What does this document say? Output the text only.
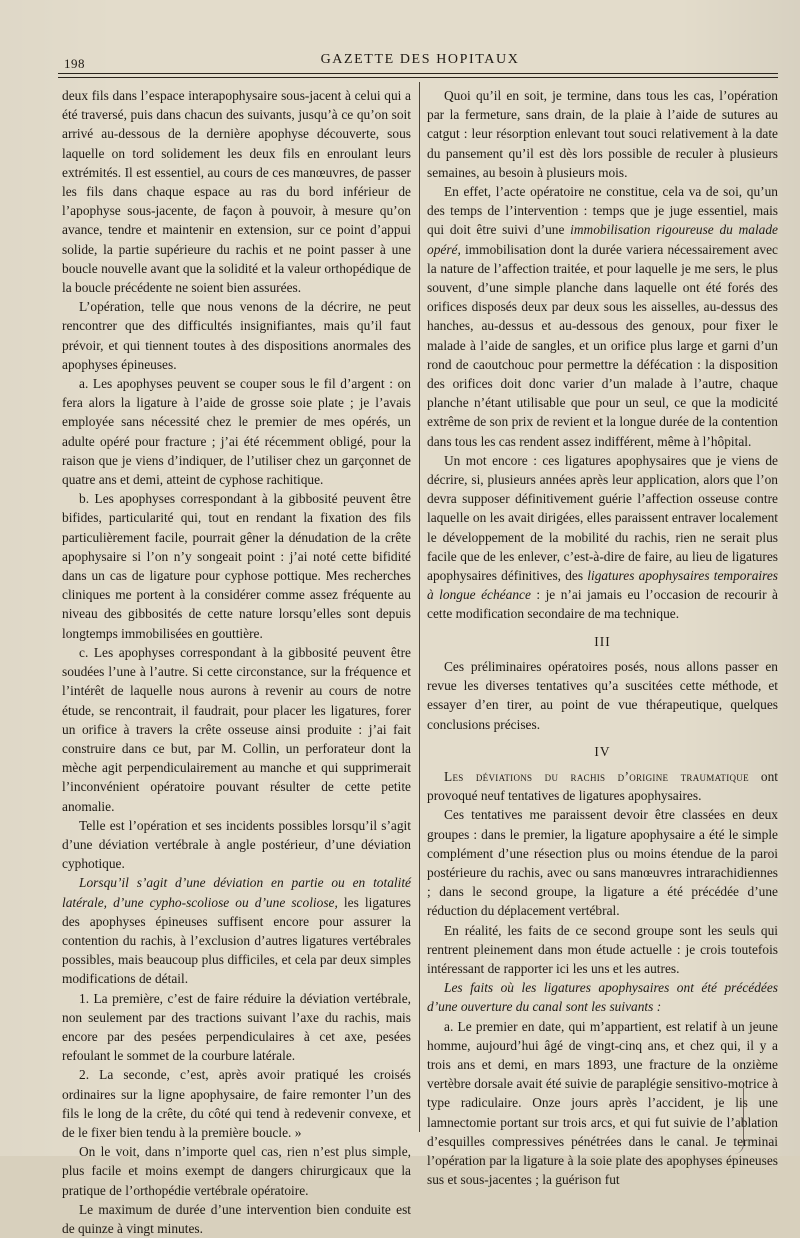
198	GAZETTE DES HOPITAUX

deux fils dans l’espace interapophysaire sous-jacent à celui qui a été traversé, puis dans chacun des suivants, jusqu’à ce qu’on soit arrivé au-dessous de la dernière apophyse découverte, sous laquelle on tord solidement les deux fils en enroulant leurs extrémités. Il est essentiel, au cours de ces manœuvres, de passer les fils dans chaque espace au ras du bord inférieur de l’apophyse sous-jacente, de façon à pouvoir, à mesure qu’on avance, tendre et maintenir en extension, sur ce point d’appui solide, la partie supérieure du rachis et ne point passer à une boucle nouvelle avant que la solidité et la valeur orthopédique de la boucle précédente ne soient bien assurées.

L’opération, telle que nous venons de la décrire, ne peut rencontrer que des difficultés insignifiantes, mais qu’il faut prévoir, et qui tiennent toutes à des dispositions anormales des apophyses épineuses.

a. Les apophyses peuvent se couper sous le fil d’argent : on fera alors la ligature à l’aide de grosse soie plate ; je l’avais employée sans nécessité chez le premier de mes opérés, un adulte opéré pour fracture ; j’ai été récemment obligé, pour la raison que je viens d’indiquer, de l’utiliser chez un garçonnet de quatre ans et demi, atteint de cyphose rachitique.

b. Les apophyses correspondant à la gibbosité peuvent être bifides, particularité qui, tout en rendant la fixation des fils particulièrement facile, pourrait gêner la dénudation de la crête apophysaire si l’on n’y songeait point : j’ai noté cette bifidité dans un cas de ligature pour cyphose pottique. Mes recherches cliniques me portent à la considérer comme assez fréquente au niveau des gibbosités de cette nature lorsqu’elles sont depuis longtemps immobilisées en gouttière.

c. Les apophyses correspondant à la gibbosité peuvent être soudées l’une à l’autre. Si cette circonstance, sur la fréquence et l’intérêt de laquelle nous aurons à revenir au cours de notre étude, se rencontrait, il faudrait, pour placer les ligatures, forer un orifice à travers la crête osseuse ainsi produite : j’ai fait construire dans ce but, par M. Collin, un perforateur dont la mèche agit perpendiculairement au manche et qui supprimerait l’inconvénient opératoire pouvant résulter de cette petite anomalie.

Telle est l’opération et ses incidents possibles lorsqu’il s’agit d’une déviation vertébrale à angle postérieur, d’une déviation cyphotique.

Lorsqu’il s’agit d’une déviation en partie ou en totalité latérale, d’une cypho-scoliose ou d’une scoliose, les ligatures des apophyses épineuses suffisent encore pour assurer la contention du rachis, à l’exclusion d’autres ligatures vertébrales possibles, mais beaucoup plus difficiles, et cela par deux simples modifications de détail.

1. La première, c’est de faire réduire la déviation vertébrale, non seulement par des tractions suivant l’axe du rachis, mais encore par des pesées perpendiculaires à cet axe, pesées refoulant le sommet de la courbure latérale.

2. La seconde, c’est, après avoir pratiqué les croisés ordinaires sur la ligne apophysaire, de faire remonter l’un des fils le long de la crête, du côté qui tend à redevenir convexe, et de le fixer bien tendu à la première boucle. »

On le voit, dans n’importe quel cas, rien n’est plus simple, plus facile et moins exempt de dangers chirurgicaux que la pratique de l’orthopédie vertébrale opératoire.

Le maximum de durée d’une intervention bien conduite est de quinze à vingt minutes.

Quoi qu’il en soit, je termine, dans tous les cas, l’opération par la fermeture, sans drain, de la plaie à l’aide de sutures au catgut : leur résorption enlevant tout souci relativement à la date du pansement qu’il est dès lors possible de reculer à plusieurs semaines, au besoin à plusieurs mois.

En effet, l’acte opératoire ne constitue, cela va de soi, qu’un des temps de l’intervention : temps que je juge essentiel, mais qui doit être suivi d’une immobilisation rigoureuse du malade opéré, immobilisation dont la durée variera nécessairement avec la nature de l’affection traitée, et pour laquelle je me sers, le plus souvent, d’une simple planche dans laquelle ont été forés des orifices disposés deux par deux sous les aisselles, au-dessus des hanches, au-dessus et au-dessous des genoux, pour fixer le malade à l’aide de sangles, et un orifice plus large et garni d’un rond de caoutchouc pour permettre la défécation : la disposition des orifices doit donc varier d’un malade à l’autre, chaque planche n’étant utilisable que pour un seul, ce que la modicité extrême de son prix de revient et la longue durée de la contention dans tous les cas rendent assez indifférent, même à l’hôpital.

Un mot encore : ces ligatures apophysaires que je viens de décrire, si, plusieurs années après leur application, alors que l’on devra supposer définitivement guérie l’affection osseuse contre laquelle on les avait dirigées, elles paraissent entraver localement le développement de la mobilité du rachis, rien ne serait plus facile que de les enlever, c’est-à-dire de faire, au lieu de ligatures apophysaires définitives, des ligatures apophysaires temporaires à longue échéance : je n’ai jamais eu l’occasion de recourir à cette modification secondaire de ma technique.

III

Ces préliminaires opératoires posés, nous allons passer en revue les diverses tentatives qu’a suscitées cette méthode, et essayer d’en tirer, au point de vue thérapeutique, quelques conclusions précises.

IV

Les déviations du rachis d’origine traumatique ont provoqué neuf tentatives de ligatures apophysaires.

Ces tentatives me paraissent devoir être classées en deux groupes : dans le premier, la ligature apophysaire a été le simple complément d’une résection plus ou moins étendue de la paroi postérieure du rachis, avec ou sans manœuvres intrarachidiennes ; dans le second groupe, la ligature a été précédée d’une réduction du déplacement vertébral.

En réalité, les faits de ce second groupe sont les seuls qui rentrent pleinement dans mon étude actuelle : je crois toutefois intéressant de rapporter ici les uns et les autres.

Les faits où les ligatures apophysaires ont été précédées d’une ouverture du canal sont les suivants :

a. Le premier en date, qui m’appartient, est relatif à un jeune homme, aujourd’hui âgé de vingt-cinq ans, et chez qui, il y a trois ans et demi, en mars 1893, une fracture de la onzième vertèbre dorsale avait été suivie de paraplégie sensitivo-motrice à type radiculaire. Onze jours après l’accident, je lis une lamnectomie portant sur trois arcs, et qui fut suivie de l’ablation d’esquilles compressives pénétrées dans le canal. Je terminai l’opération par la ligature à la soie plate des apophyses épineuses sus et sous-jacentes ; la guérison fut
